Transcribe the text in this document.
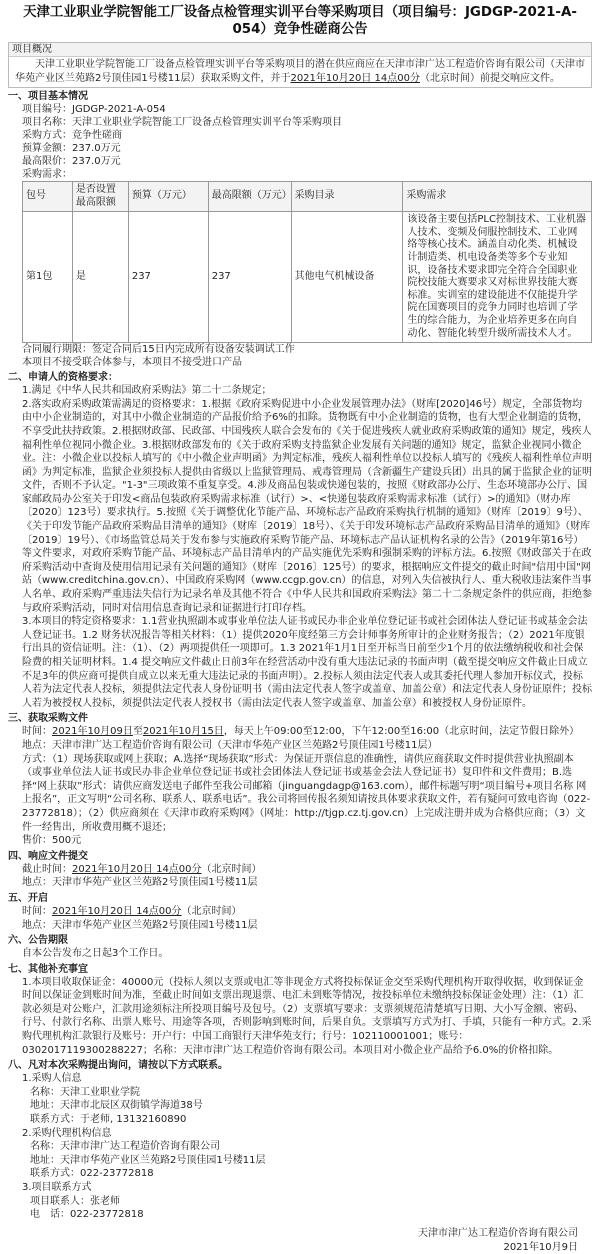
天津工业职业学院智能工厂设备点检管理实训平台等采购项目（项目编号：JGDGP-2021-A-054）竞争性磋商公告
项目概况
天津工业职业学院智能工厂设备点检管理实训平台等采购项目的潜在供应商应在天津市津广达工程造价咨询有限公司（天津市华苑产业区兰苑路2号顶佳园1号楼11层）获取采购文件，并于2021年10月20日 14点00分（北京时间）前提交响应文件。
一、项目基本情况
项目编号：JGDGP-2021-A-054
项目名称：天津工业职业学院智能工厂设备点检管理实训平台等采购项目
采购方式：竞争性磋商
预算金额：237.0万元
最高限价：237.0万元
采购需求：
包号	是否设置最高限额	预算（万元）	最高限额（万元）	采购目录	采购需求
第1包	是	237	237	其他电气机械设备	该设备主要包括PLC控制技术、工业机器人技术、变频及伺服控制技术、工业网络等核心技术。涵盖自动化类、机械设计制造类、机电设备类等多个专业知识，设备技术要求即完全符合全国职业院校技能大赛要求又对标世界技能大赛标准。实训室的建设能进不仅能提升学院在国赛项目的竞争力同时也培训了学生的综合能力，为企业培养更多在向自动化、智能化转型升级所需技术人才。
合同履行期限：签定合同后15日内完成所有设备安装调试工作
本项目不接受联合体参与，本项目不接受进口产品
二、申请人的资格要求：
1.满足《中华人民共和国政府采购法》第二十二条规定；
2.落实政府采购政策需满足的资格要求：1.根据《政府采购促进中小企业发展管理办法》（财库[2020]46号）规定，全部货物均由中小企业制造的，对其中小微企业制造的产品报价给予6%的扣除。货物既有中小企业制造的货物，也有大型企业制造的货物，不享受此扶持政策。2.根据财政部、民政部、中国残疾人联合会发布的《关于促进残疾人就业政府采购政策的通知》规定，残疾人福利性单位视同小微企业。3.根据财政部发布的《关于政府采购支持监狱企业发展有关问题的通知》规定，监狱企业视同小微企业。注：小微企业以投标人填写的《中小微企业声明函》为判定标准，残疾人福利性单位以投标人填写的《残疾人福利性单位声明函》为判定标准，监狱企业须投标人提供由省级以上监狱管理局、戒毒管理局（含新疆生产建设兵团）出具的属于监狱企业的证明文件，否则不予认定。"1-3"三项政策不重复享受。4.涉及商品包装或快递包装的，按照《财政部办公厅、生态环境部办公厅、国家邮政局办公室关于印发<商品包装政府采购需求标准（试行）>、<快递包装政府采购需求标准（试行）>的通知》（财办库〔2020〕123号）要求执行。5.按照《关于调整优化节能产品、环境标志产品政府采购执行机制的通知》（财库〔2019〕9号）、《关于印发节能产品政府采购品目清单的通知》（财库〔2019〕18号）、《关于印发环境标志产品政府采购品目清单的通知》（财库〔2019〕19号）、《市场监管总局关于发布参与实施政府采购节能产品、环境标志产品认证机构名录的公告》（2019年第16号）等文件要求，对政府采购节能产品、环境标志产品目清单内的产品实施优先采购和强制采购的评标方法。6.按照《财政部关于在政府采购活动中查询及使用信用记录有关问题的通知》（财库〔2016〕125号）的要求，根据响应文件提交的截止时间"信用中国"网站（www.creditchina.gov.cn）、中国政府采购网（www.ccgp.gov.cn）的信息，对列入失信被执行人、重大税收违法案件当事人名单、政府采购严重违法失信行为记录名单及其他不符合《中华人民共和国政府采购法》第二十二条规定条件的供应商，拒绝参与政府采购活动，同时对信用信息查询记录和证据进行打印存档。
3.本项目的特定资格要求：1.1营业执照副本或事业单位法人证书或民办非企业单位登记证书或社会团体法人登记证书或基金会法人登记证书。1.2 财务状况报告等相关材料：（1）提供2020年度经第三方会计师事务所审计的企业财务报告；（2）2021年度银行出具的资信证明。注：（1）、（2）两项提供任一项即可。1.3 2021年1月1日至开标当日前至少1个月的依法缴纳税收和社会保险费的相关证明材料。1.4 提交响应文件截止日前3年在经营活动中没有重大违法记录的书面声明（截至提交响应文件截止日成立不足3年的供应商可提供自成立以来无重大违法记录的书面声明）。2.投标人须由法定代表人或其委托代理人参加开标仪式，投标人若为法定代表人投标，须提供法定代表人身份证明书（需由法定代表人签字或盖章、加盖公章）和法定代表人身份证原件；投标人若为被授权人投标，须提供法定代表人授权书（需由法定代表人签字或盖章、加盖公章）和被授权人身份证原件。
三、获取采购文件
时间：2021年10月09日至2021年10月15日，每天上午09:00至12:00，下午12:00至16:00（北京时间，法定节假日除外）
地点：天津市津广达工程造价咨询有限公司（天津市华苑产业区兰苑路2号顶佳园1号楼11层）
方式：（1）现场获取或网上获取；A.选择“现场获取”形式：为保证开票信息的准确性，请供应商获取文件时提供营业执照副本（或事业单位法人证书或民办非企业单位登记证书或社会团体法人登记证书或基金会法人登记证书）复印件和文件费用；B.选择“网上获取”形式：请供应商发送电子邮件至我公司邮箱（jinguangdagp@163.com），邮件标题写明“项目编号+项目名称 网上报名”，正文写明“公司名称、联系人、联系电话”。我公司将回传报名须知请按具体要求获取文件，若有疑问可致电咨询（022-23772818）；（2）供应商须在《天津市政府采购网》（网址：http://tjgp.cz.tj.gov.cn）上完成注册并成为合格供应商；（3）文件一经售出，所收费用概不退还；
售价：500元
四、响应文件提交
截止时间：2021年10月20日 14点00分（北京时间）
地点：天津市华苑产业区兰苑路2号顶佳园1号楼11层
五、开启
时间：2021年10月20日 14点00分（北京时间）
地点：天津市华苑产业区兰苑路2号顶佳园1号楼11层
六、公告期限
自本公告发布之日起3个工作日。
七、其他补充事宜
1.本项目收取保证金：40000元（投标人须以支票或电汇等非现金方式将投标保证金交至采购代理机构开取得收据，收到保证金时间以保证金到账时间为准，至截止时间如支票出现退票、电汇未到账等情况，按投标单位未缴纳投标保证金处理）注：（1）汇款必须是对公账户，汇款用途须标注所投项目编号及包号。（2）支票填写要求：支票须规范清楚填写日期、大小写金额、密码、行号、付款行名称、出票人账号、用途等各项，否则影响到账时间，后果自负。支票填写方式为打、手填，只能有一种方式。2.采购代理机构汇款银行及账号：开户行：中国工商银行天津华苑支行；行号：102110001001；账号：0302017119300288227；名称：天津市津广达工程造价咨询有限公司。本项目对小微企业产品给予6.0%的价格扣除。
八、凡对本次采购提出询问，请按以下方式联系。
1.采购人信息
名称：天津工业职业学院
地址：天津市北辰区双街镇学海道38号
联系方式：于老师, 13132160890
2.采购代理机构信息
名称：天津市津广达工程造价咨询有限公司
地址：天津市华苑产业区兰苑路2号顶佳园1号楼11层
联系方式：022-23772818
3.项目联系方式
项目联系人：张老师
电　话：022-23772818
天津市津广达工程造价咨询有限公司
2021年10月9日
